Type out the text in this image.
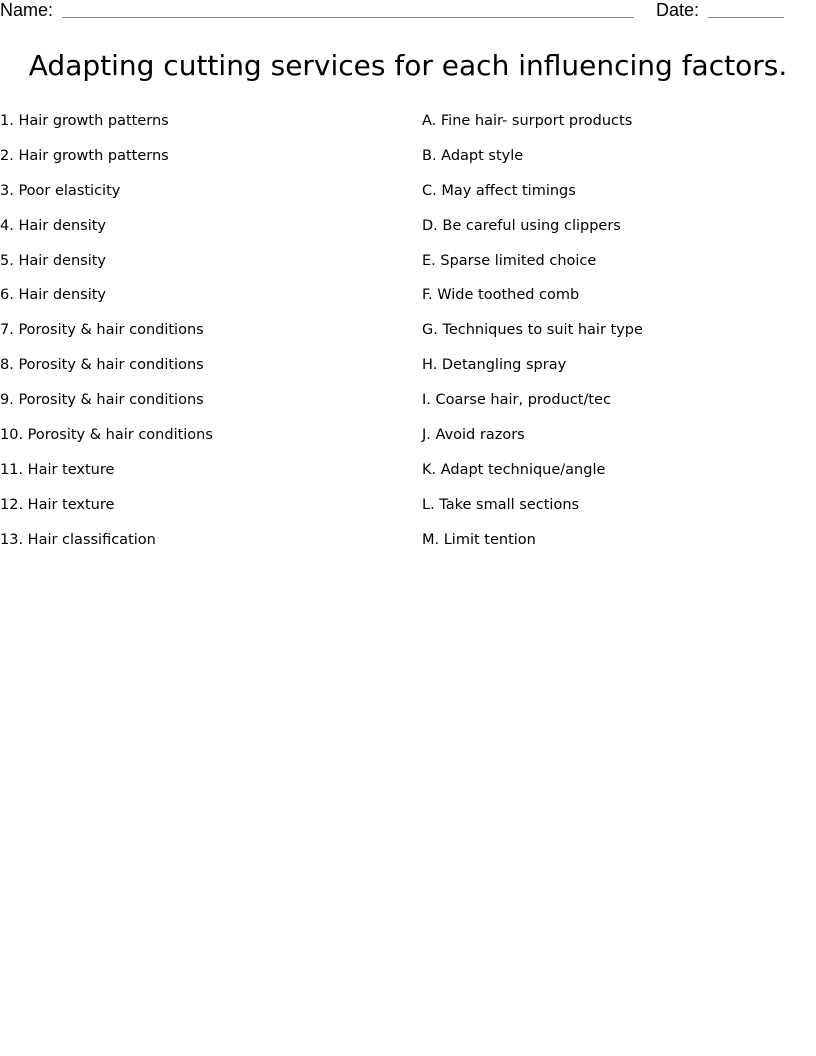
Name:	Date:
Adapting cutting services for each influencing factors.
1. Hair growth patterns
2. Hair growth patterns
3. Poor elasticity
4. Hair density
5. Hair density
6. Hair density
7. Porosity & hair conditions
8. Porosity & hair conditions
9. Porosity & hair conditions
10. Porosity & hair conditions
11. Hair texture
12. Hair texture
13. Hair classification
A. Fine hair- surport products
B. Adapt style
C. May affect timings
D. Be careful using clippers
E. Sparse limited choice
F. Wide toothed comb
G. Techniques to suit hair type
H. Detangling spray
I. Coarse hair, product/tec
J. Avoid razors
K. Adapt technique/angle
L. Take small sections
M. Limit tention
